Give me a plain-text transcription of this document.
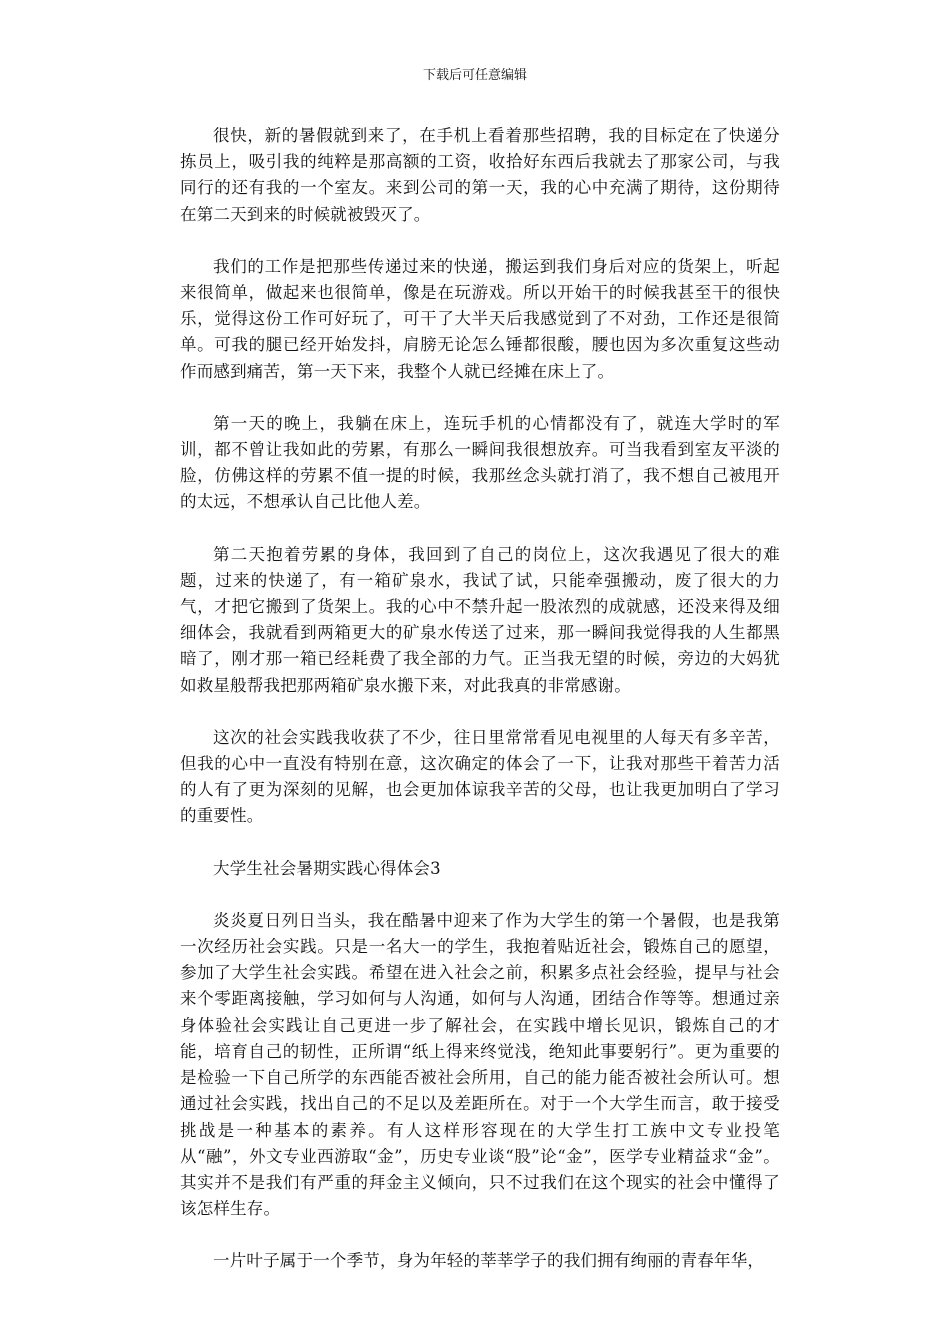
下载后可任意编辑

很快，新的暑假就到来了，在手机上看着那些招聘，我的目标定在了快递分拣员上，吸引我的纯粹是那高额的工资，收拾好东西后我就去了那家公司，与我同行的还有我的一个室友。来到公司的第一天，我的心中充满了期待，这份期待在第二天到来的时候就被毁灭了。

我们的工作是把那些传递过来的快递，搬运到我们身后对应的货架上，听起来很简单，做起来也很简单，像是在玩游戏。所以开始干的时候我甚至干的很快乐，觉得这份工作可好玩了，可干了大半天后我感觉到了不对劲，工作还是很简单。可我的腿已经开始发抖，肩膀无论怎么锤都很酸，腰也因为多次重复这些动作而感到痛苦，第一天下来，我整个人就已经摊在床上了。

第一天的晚上，我躺在床上，连玩手机的心情都没有了，就连大学时的军训，都不曾让我如此的劳累，有那么一瞬间我很想放弃。可当我看到室友平淡的脸，仿佛这样的劳累不值一提的时候，我那丝念头就打消了，我不想自己被甩开的太远，不想承认自己比他人差。

第二天抱着劳累的身体，我回到了自己的岗位上，这次我遇见了很大的难题，过来的快递了，有一箱矿泉水，我试了试，只能牵强搬动，废了很大的力气，才把它搬到了货架上。我的心中不禁升起一股浓烈的成就感，还没来得及细细体会，我就看到两箱更大的矿泉水传送了过来，那一瞬间我觉得我的人生都黑暗了，刚才那一箱已经耗费了我全部的力气。正当我无望的时候，旁边的大妈犹如救星般帮我把那两箱矿泉水搬下来，对此我真的非常感谢。

这次的社会实践我收获了不少，往日里常常看见电视里的人每天有多辛苦，但我的心中一直没有特别在意，这次确定的体会了一下，让我对那些干着苦力活的人有了更为深刻的见解，也会更加体谅我辛苦的父母，也让我更加明白了学习的重要性。

大学生社会暑期实践心得体会3

炎炎夏日列日当头，我在酷暑中迎来了作为大学生的第一个暑假，也是我第一次经历社会实践。只是一名大一的学生，我抱着贴近社会，锻炼自己的愿望，参加了大学生社会实践。希望在进入社会之前，积累多点社会经验，提早与社会来个零距离接触，学习如何与人沟通，如何与人沟通，团结合作等等。想通过亲身体验社会实践让自己更进一步了解社会，在实践中增长见识，锻炼自己的才能，培育自己的韧性，正所谓“纸上得来终觉浅，绝知此事要躬行”。更为重要的是检验一下自己所学的东西能否被社会所用，自己的能力能否被社会所认可。想通过社会实践，找出自己的不足以及差距所在。对于一个大学生而言，敢于接受挑战是一种基本的素养。有人这样形容现在的大学生打工族中文专业投笔从“融”，外文专业西游取“金”，历史专业谈“股”论“金”，医学专业精益求“金”。其实并不是我们有严重的拜金主义倾向，只不过我们在这个现实的社会中懂得了该怎样生存。

一片叶子属于一个季节，身为年轻的莘莘学子的我们拥有绚丽的青春年华，
